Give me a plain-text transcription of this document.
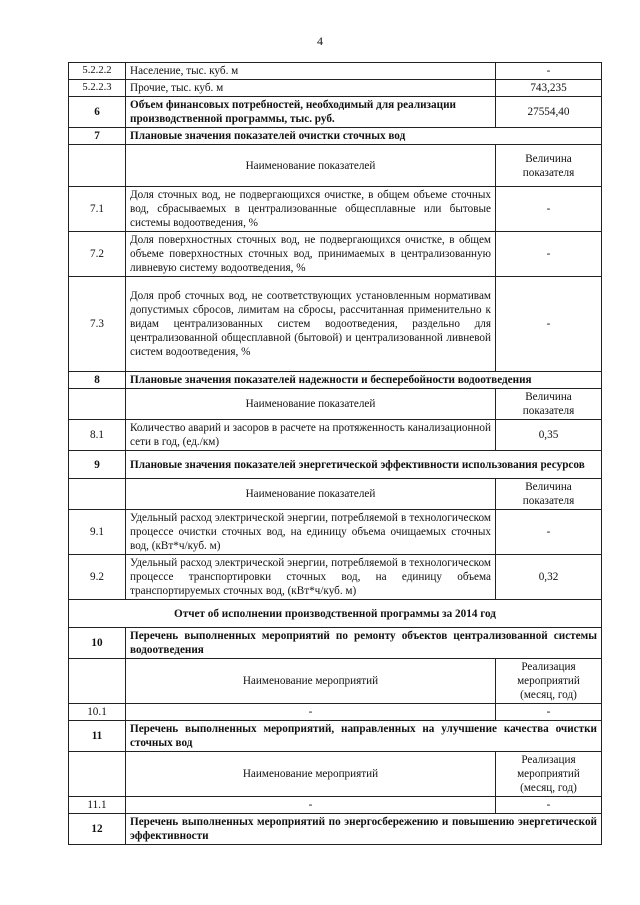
4
5.2.2.2	Население, тыс. куб. м	-
5.2.2.3	Прочие, тыс. куб. м	743,235
6	Объем финансовых потребностей, необходимый для реализации производственной программы, тыс. руб.	27554,40
7	Плановые значения показателей очистки сточных вод	
	Наименование показателей	Величина показателя
7.1	Доля сточных вод, не подвергающихся очистке, в общем объеме сточных вод, сбрасываемых в централизованные общесплавные или бытовые системы водоотведения, %	-
7.2	Доля поверхностных сточных вод, не подвергающихся очистке, в общем объеме поверхностных сточных вод, принимаемых в централизованную ливневую систему водоотведения, %	-
7.3	Доля проб сточных вод, не соответствующих установленным нормативам допустимых сбросов, лимитам на сбросы, рассчитанная применительно к видам централизованных систем водоотведения, раздельно для централизованной общесплавной (бытовой) и централизованной ливневой систем водоотведения, %	-
8	Плановые значения показателей надежности и бесперебойности водоотведения	
	Наименование показателей	Величина показателя
8.1	Количество аварий и засоров в расчете на протяженность канализационной сети в год, (ед./км)	0,35
9	Плановые значения показателей энергетической эффективности использования ресурсов	
	Наименование показателей	Величина показателя
9.1	Удельный расход электрической энергии, потребляемой в технологическом процессе очистки сточных вод, на единицу объема очищаемых сточных вод, (кВт*ч/куб. м)	-
9.2	Удельный расход электрической энергии, потребляемой в технологическом процессе транспортировки сточных вод, на единицу объема транспортируемых сточных вод, (кВт*ч/куб. м)	0,32
Отчет об исполнении производственной программы за 2014 год		
10	Перечень выполненных мероприятий по ремонту объектов централизованной системы водоотведения	
	Наименование мероприятий	Реализация мероприятий (месяц, год)
10.1	-	-
11	Перечень выполненных мероприятий, направленных на улучшение качества очистки сточных вод	
	Наименование мероприятий	Реализация мероприятий (месяц, год)
11.1	-	-
12	Перечень выполненных мероприятий по энергосбережению и повышению энергетической эффективности	
